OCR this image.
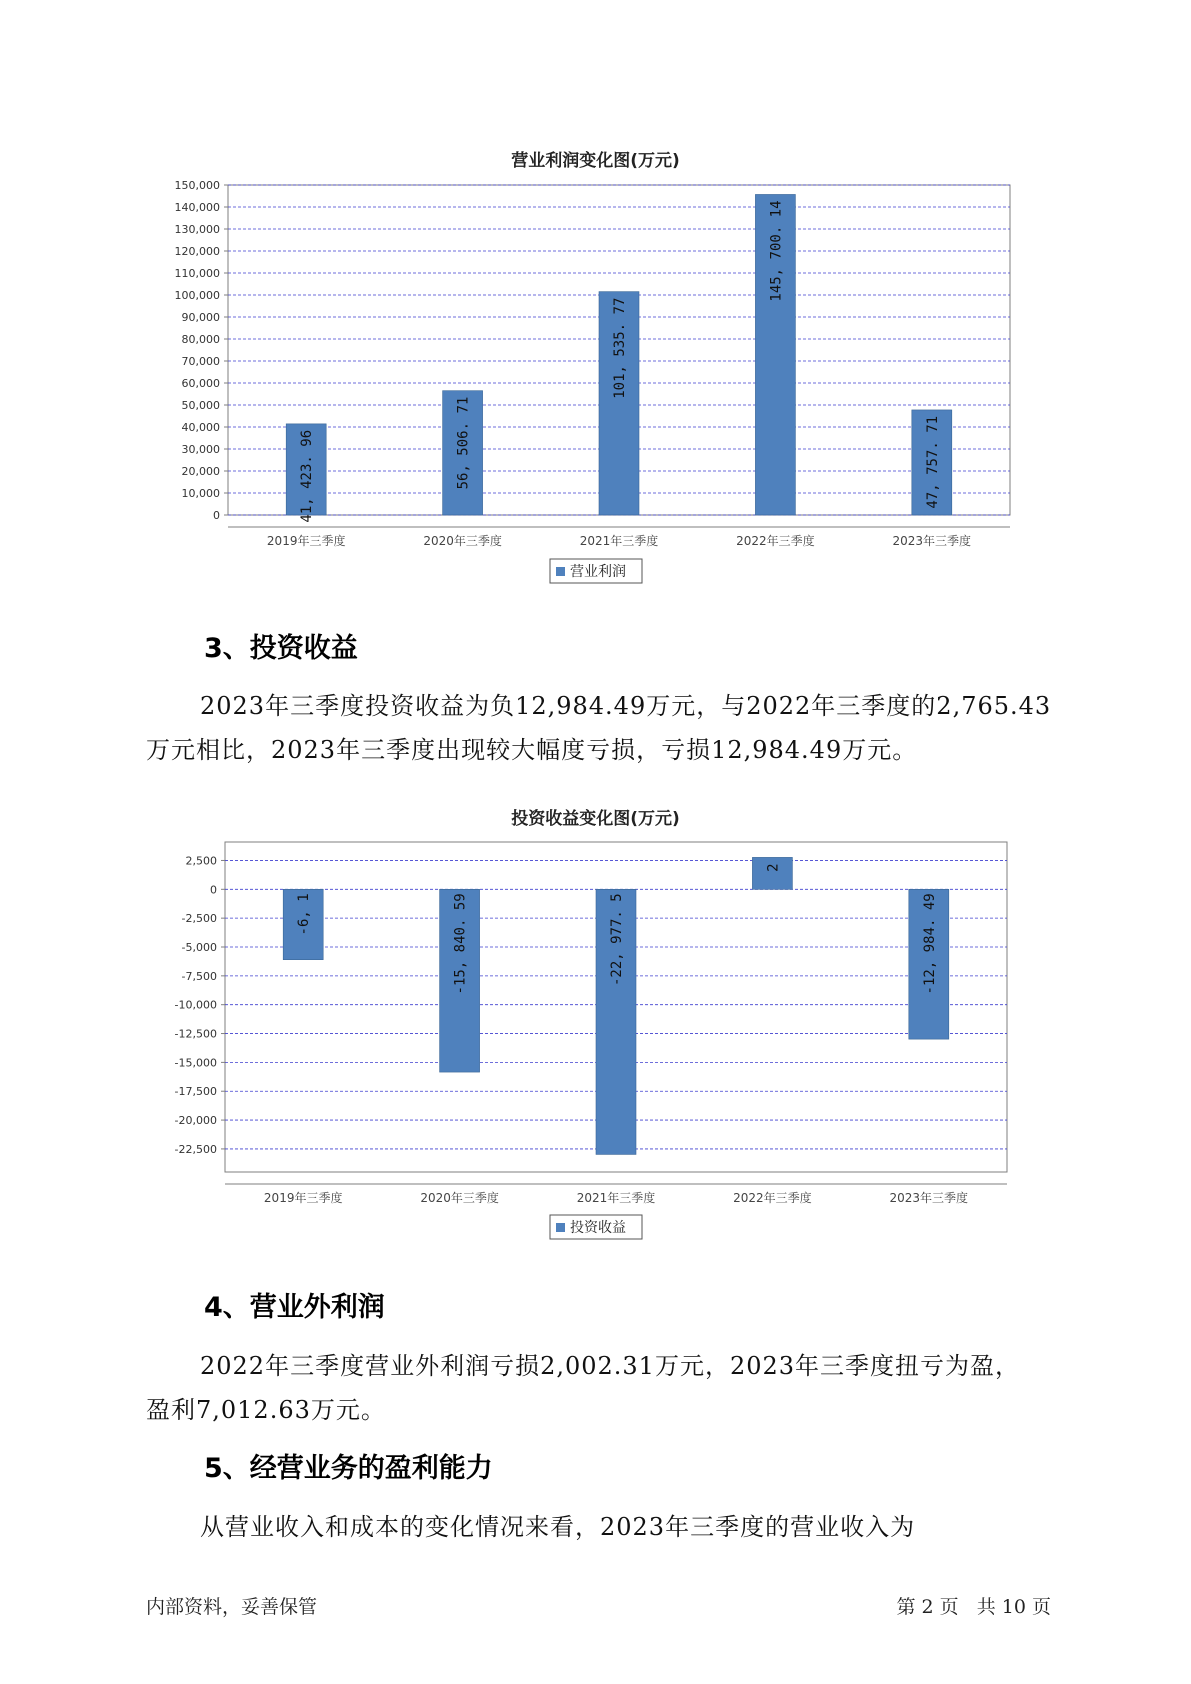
营业利润变化图(万元)
150,000
140,000
130,000
120,000
110,000
100,000
90,000
80,000
70,000
60,000
50,000
40,000
30,000
20,000
10,000
0	41, 423. 96
2019年三季度
56, 506. 71
2020年三季度
101, 535. 77
2021年三季度
145, 700. 14
2022年三季度
47, 757. 71
2023年三季度
营业利润
3、投资收益
2023年三季度投资收益为负12,984.49万元，与2022年三季度的2,765.43
万元相比，2023年三季度出现较大幅度亏损，亏损12,984.49万元。
投资收益变化图(万元)
2,500
0
-2,500
-5,000
-7,500
-10,000
-12,500
-15,000
-17,500
-20,000
-22,500
-6, 1
2019年三季度
-15, 840. 59
2020年三季度
-22, 977. 5
2021年三季度
2
2022年三季度
-12, 984. 49
2023年三季度
投资收益
4、营业外利润
2022年三季度营业外利润亏损2,002.31万元，2023年三季度扭亏为盈，
盈利7,012.63万元。
5、经营业务的盈利能力
从营业收入和成本的变化情况来看，2023年三季度的营业收入为
内部资料，妥善保管	第 2 页   共 10 页
